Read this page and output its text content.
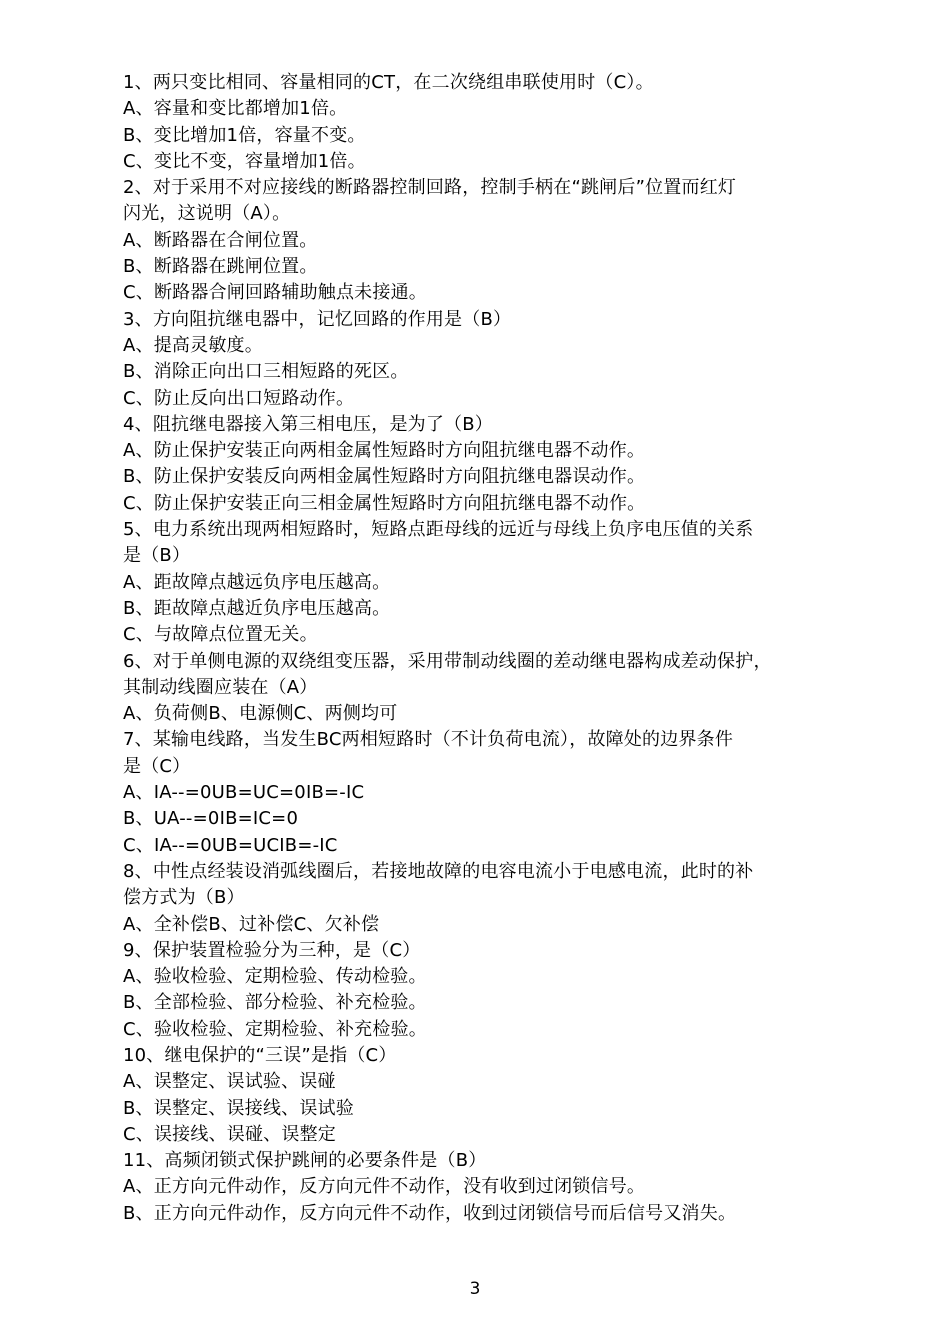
1、两只变比相同、容量相同的CT，在二次绕组串联使用时（C）。
A、容量和变比都增加1倍。
B、变比增加1倍，容量不变。
C、变比不变，容量增加1倍。
2、对于采用不对应接线的断路器控制回路，控制手柄在“跳闸后”位置而红灯
闪光，这说明（A）。
A、断路器在合闸位置。
B、断路器在跳闸位置。
C、断路器合闸回路辅助触点未接通。
3、方向阻抗继电器中，记忆回路的作用是（B）
A、提高灵敏度。
B、消除正向出口三相短路的死区。
C、防止反向出口短路动作。
4、阻抗继电器接入第三相电压，是为了（B）
A、防止保护安装正向两相金属性短路时方向阻抗继电器不动作。
B、防止保护安装反向两相金属性短路时方向阻抗继电器误动作。
C、防止保护安装正向三相金属性短路时方向阻抗继电器不动作。
5、电力系统出现两相短路时，短路点距母线的远近与母线上负序电压值的关系
是（B）
A、距故障点越远负序电压越高。
B、距故障点越近负序电压越高。
C、与故障点位置无关。
6、对于单侧电源的双绕组变压器，采用带制动线圈的差动继电器构成差动保护，
其制动线圈应装在（A）
A、负荷侧B、电源侧C、两侧均可
7、某输电线路，当发生BC两相短路时（不计负荷电流），故障处的边界条件
是（C）
A、IA--=0UB=UC=0IB=-IC
B、UA--=0IB=IC=0
C、IA--=0UB=UCIB=-IC
8、中性点经装设消弧线圈后，若接地故障的电容电流小于电感电流，此时的补
偿方式为（B）
A、全补偿B、过补偿C、欠补偿
9、保护装置检验分为三种，是（C）
A、验收检验、定期检验、传动检验。
B、全部检验、部分检验、补充检验。
C、验收检验、定期检验、补充检验。
10、继电保护的“三误”是指（C）
A、误整定、误试验、误碰
B、误整定、误接线、误试验
C、误接线、误碰、误整定
11、高频闭锁式保护跳闸的必要条件是（B）
A、正方向元件动作，反方向元件不动作，没有收到过闭锁信号。
B、正方向元件动作，反方向元件不动作，收到过闭锁信号而后信号又消失。
3
